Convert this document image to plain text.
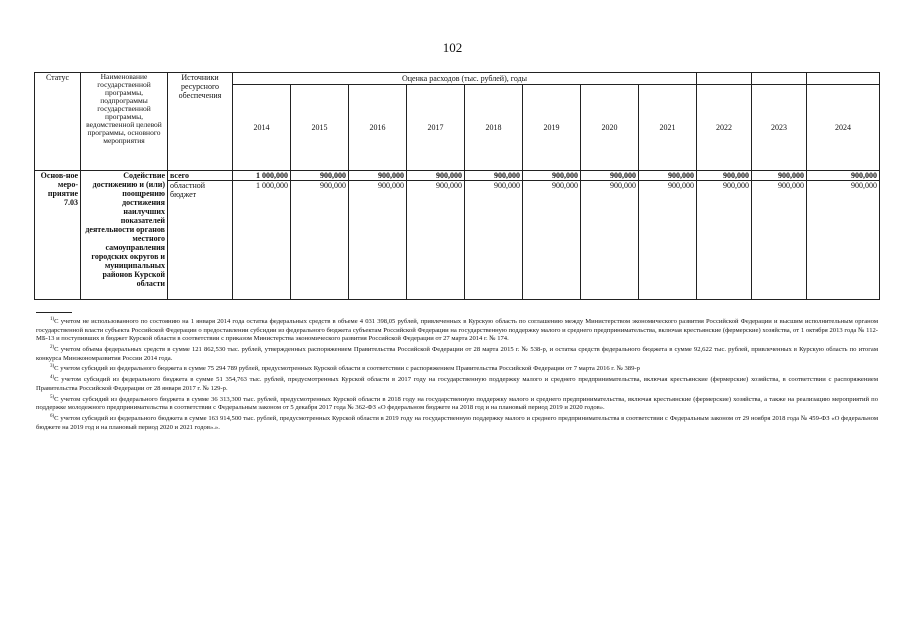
102
Статус	Наименование государственной программы, подпрограммы государственной программы, ведомственной целевой программы, основного мероприятия	Источники ресурсного обеспечения	Оценка расходов (тыс. рублей), годы										
			2014	2015	2016	2017	2018	2019	2020	2021	2022	2023	2024
Основ-ное меро-приятие 7.03	Содействие достижению и (или) поощрению достижения наилучших показателей деятельности органов местного самоуправления городских округов и муниципальных районов Курской области	всего	1 000,000	900,000	900,000	900,000	900,000	900,000	900,000	900,000	900,000	900,000	900,000
		областной бюджет	1 000,000	900,000	900,000	900,000	900,000	900,000	900,000	900,000	900,000	900,000	900,000

$^{1)}$С учетом не использованного по состоянию на 1 января 2014 года остатка федеральных средств в объеме 4 031 398,05 рублей, привлеченных в Курскую область по соглашению между Министерством экономического развития Российской Федерации и высшим исполнительным органом государственной власти субъекта Российской Федерации о предоставлении субсидии из федерального бюджета субъектам Российской Федерации на государственную поддержку малого и среднего предпринимательства, включая крестьянские (фермерские) хозяйства, от 1 октября 2013 года № 112-МБ-13 и поступивших в бюджет Курской области в соответствии с приказом Министерства экономического развития Российской Федерации от 27 марта 2014 г. № 174.

$^{2)}$С учетом объема федеральных средств в сумме 121 862,530 тыс. рублей, утвержденных распоряжением Правительства Российской Федерации от 28 марта 2015 г. № 538-р, и остатка средств федерального бюджета в сумме 92,622 тыс. рублей, привлеченных в Курскую область по итогам конкурса Минэкономразвития России 2014 года.

$^{3)}$С учетом субсидий из федерального бюджета в сумме 75 294 789 рублей, предусмотренных Курской области в соответствии с распоряжением Правительства Российской Федерации от 7 марта 2016 г. № 389-р

$^{4)}$С учетом субсидий из федерального бюджета в сумме 51 354,763 тыс. рублей, предусмотренных Курской области в 2017 году на государственную поддержку малого и среднего предпринимательства, включая крестьянские (фермерские) хозяйства, в соответствии с распоряжением Правительства Российской Федерации от 28 января 2017 г. № 129-р.

$^{5)}$С учетом субсидий из федерального бюджета в сумме 36 313,300 тыс. рублей, предусмотренных Курской области в 2018 году на государственную поддержку малого и среднего предпринимательства, включая крестьянские (фермерские) хозяйства, а также на реализацию мероприятий по поддержке молодежного предпринимательства в соответствии с Федеральным законом от 5 декабря 2017 года № 362-ФЗ «О федеральном бюджете на 2018 год и на плановый период 2019 и 2020 годов».

$^{6)}$С учетом субсидий из федерального бюджета в сумме 163 914,500 тыс. рублей, предусмотренных Курской области в 2019 году на государственную поддержку малого и среднего предпринимательства в соответствии с Федеральным законом от 29 ноября 2018 года № 459-ФЗ «О федеральном бюджете на 2019 год и на плановый период 2020 и 2021 годов».».
